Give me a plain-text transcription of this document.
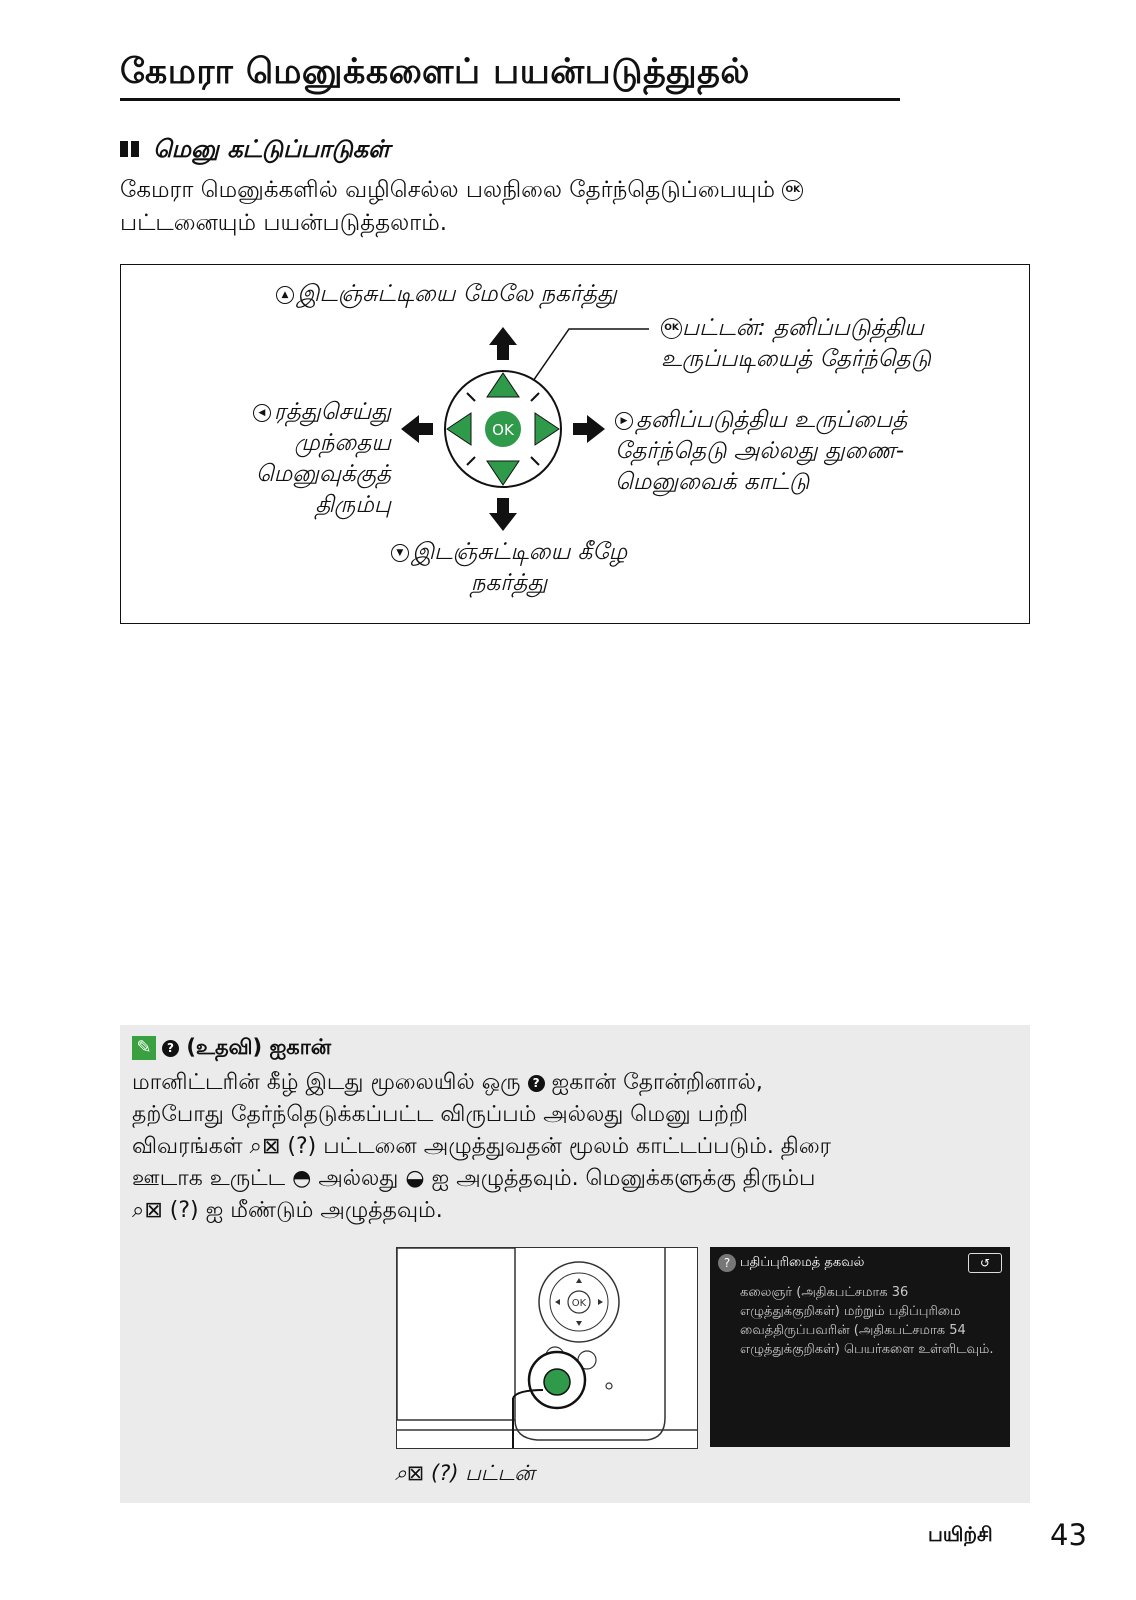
கேமரா மெனுக்களைப் பயன்படுத்துதல்
மெனு கட்டுப்பாடுகள்
கேமரா மெனுக்களில் வழிசெல்ல பலநிலை தேர்ந்தெடுப்பையும் OK
பட்டனையும் பயன்படுத்தலாம்.
OK
▲ இடஞ்சுட்டியை மேலே நகர்த்து
OK பட்டன்: தனிப்படுத்திய
உருப்படியைத் தேர்ந்தெடு
◀ ரத்துசெய்து
முந்தைய
மெனுவுக்குத்
திரும்பு
▶ தனிப்படுத்திய உருப்பைத்
தேர்ந்தெடு அல்லது துணை-
மெனுவைக் காட்டு
▼ இடஞ்சுட்டியை கீழே
நகர்த்து
✎ ? (உதவி) ஐகான்
மானிட்டரின் கீழ் இடது மூலையில் ஒரு ? ஐகான் தோன்றினால்,
தற்போது தேர்ந்தெடுக்கப்பட்ட விருப்பம் அல்லது மெனு பற்றி
விவரங்கள் ⌕⊠ (?) பட்டனை அழுத்துவதன் மூலம் காட்டப்படும். திரை
ஊடாக உருட்ட ◓ அல்லது ◒ ஐ அழுத்தவும். மெனுக்களுக்கு திரும்ப
⌕⊠ (?) ஐ மீண்டும் அழுத்தவும்.
OK
? பதிப்புரிமைத் தகவல்	↺
கலைஞர் (அதிகபட்சமாக 36 எழுத்துக்குறிகள்) மற்றும் பதிப்புரிமை வைத்திருப்பவரின் (அதிகபட்சமாக 54 எழுத்துக்குறிகள்) பெயர்களை உள்ளிடவும்.
⌕⊠ (?) பட்டன்
பயிற்சி 43
